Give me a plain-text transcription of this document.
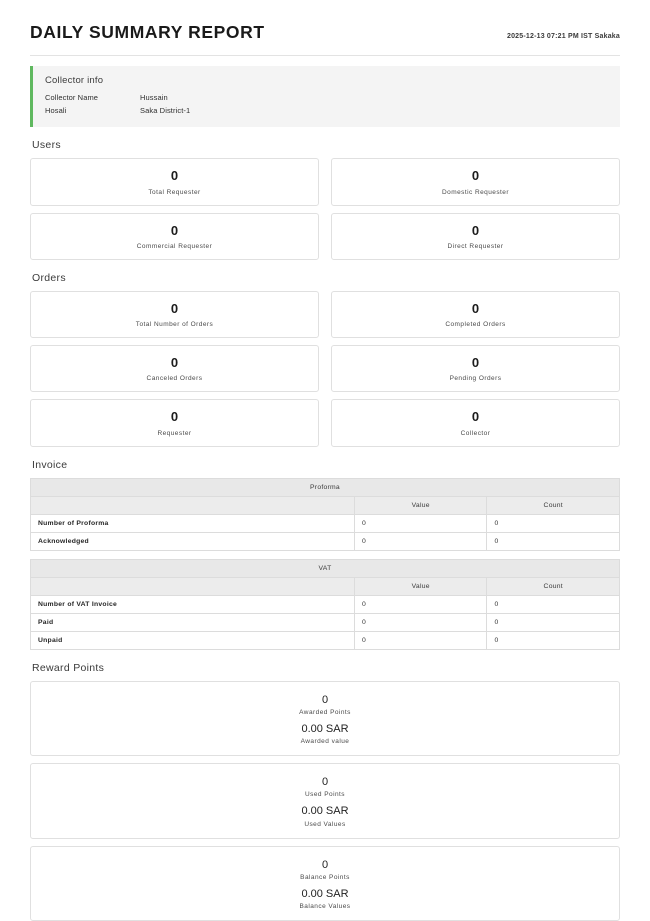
DAILY SUMMARY REPORT	2025-12-13 07:21 PM IST Sakaka
Collector info
Collector Name	Hussain
Hosali	Saka District-1
Users
0
Total Requester
0
Domestic Requester
0
Commercial Requester
0
Direct Requester
Orders
0
Total Number of Orders
0
Completed Orders
0
Canceled Orders
0
Pending Orders
0
Requester
0
Collector
Invoice
Proforma		
	Value	Count
Number of Proforma	0	0
Acknowledged	0	0
VAT		
	Value	Count
Number of VAT Invoice	0	0
Paid	0	0
Unpaid	0	0
Reward Points
0
Awarded Points
0.00 SAR
Awarded value
0
Used Points
0.00 SAR
Used Values
0
Balance Points
0.00 SAR
Balance Values
